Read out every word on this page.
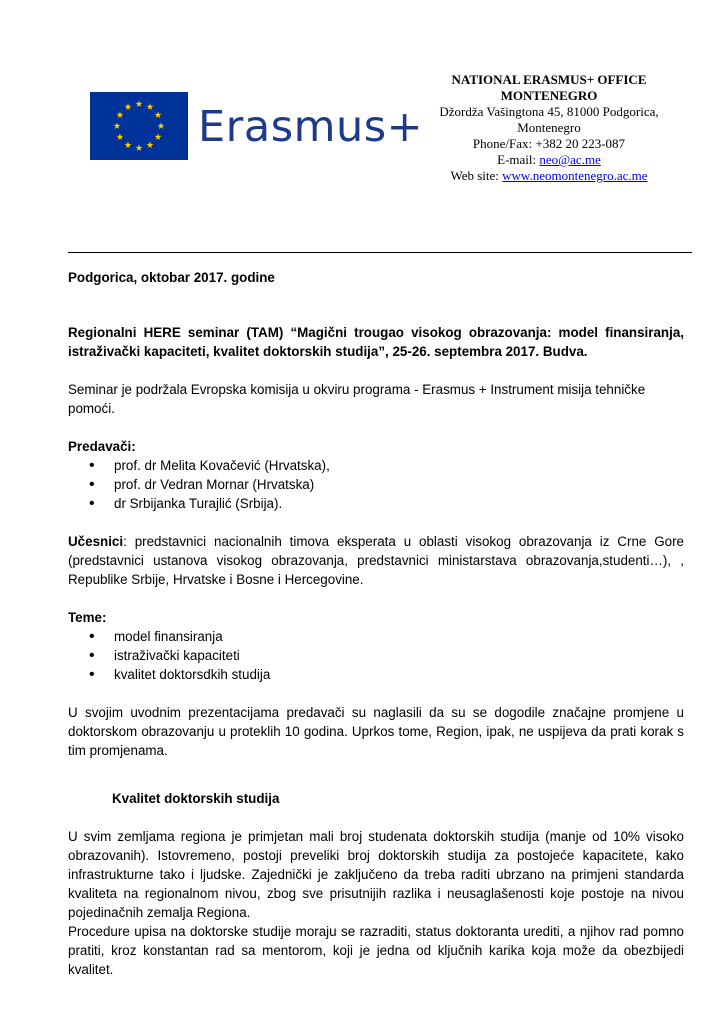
Erasmus+
NATIONAL ERASMUS+ OFFICE
MONTENEGRO
Džordža Vašingtona 45, 81000 Podgorica,
Montenegro
Phone/Fax: +382 20 223-087
E-mail: neo@ac.me
Web site: www.neomontenegro.ac.me

Podgorica, oktobar 2017. godine

Regionalni HERE seminar (TAM) “Magični trougao visokog obrazovanja: model finansiranja, istraživački kapaciteti, kvalitet doktorskih studija”, 25-26. septembra 2017. Budva.

Seminar je podržala Evropska komisija u okviru programa - Erasmus + Instrument misija tehničke pomoći.

Predavači:

• prof. dr Melita Kovačević (Hrvatska),
• prof. dr Vedran Mornar (Hrvatska)
• dr Srbijanka Turajlić (Srbija).

Učesnici: predstavnici nacionalnih timova eksperata u oblasti visokog obrazovanja iz Crne Gore (predstavnici ustanova visokog obrazovanja, predstavnici ministarstava obrazovanja,studenti…), , Republike Srbije, Hrvatske i Bosne i Hercegovine.

Teme:

• model finansiranja
• istraživački kapaciteti
• kvalitet doktorsdkih studija

U svojim uvodnim prezentacijama predavači su naglasili da su se dogodile značajne promjene u doktorskom obrazovanju u proteklih 10 godina. Uprkos tome, Region, ipak, ne uspijeva da prati korak s tim promjenama.

Kvalitet doktorskih studija

U svim zemljama regiona je primjetan mali broj studenata doktorskih studija (manje od 10% visoko obrazovanih). Istovremeno, postoji preveliki broj doktorskih studija za postojeće kapacitete, kako infrastrukturne tako i ljudske. Zajednički je zaključeno da treba raditi ubrzano na primjeni standarda kvaliteta na regionalnom nivou, zbog sve prisutnijih razlika i neusaglašenosti koje postoje na nivou pojedinačnih zemalja Regiona.

Procedure upisa na doktorske studije moraju se razraditi, status doktoranta urediti, a njihov rad pomno pratiti, kroz konstantan rad sa mentorom, koji je jedna od ključnih karika koja može da obezbijedi kvalitet.
